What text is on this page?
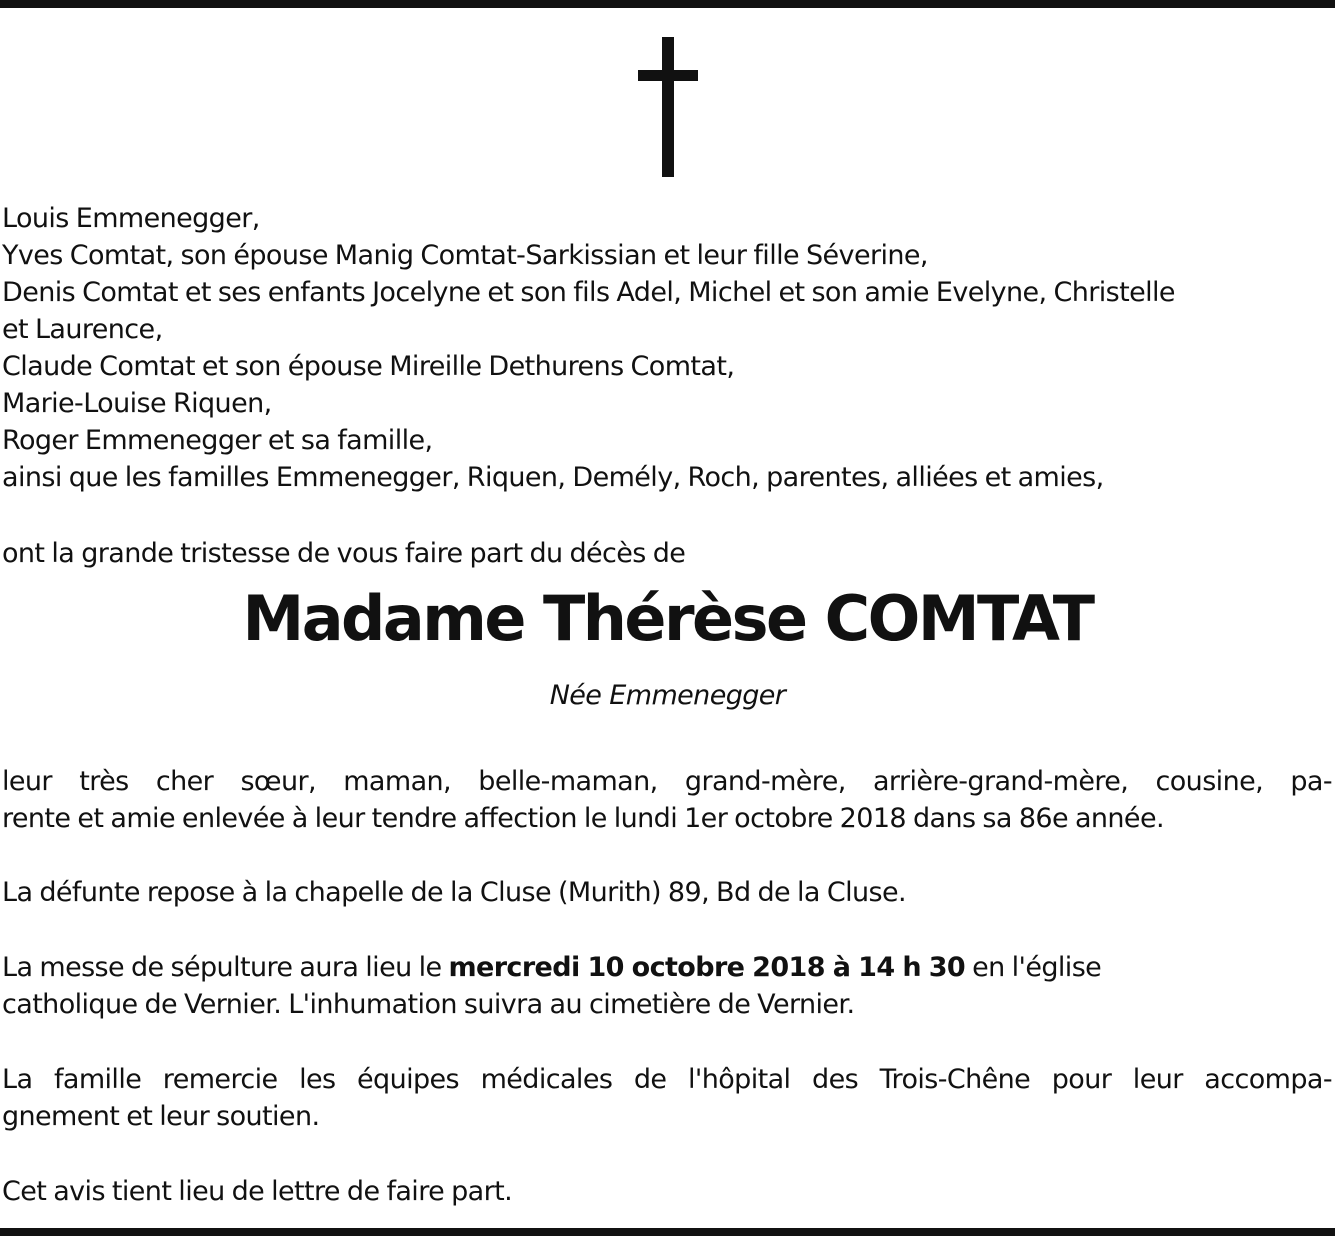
Louis Emmenegger,
Yves Comtat, son épouse Manig Comtat-Sarkissian et leur fille Séverine,
Denis Comtat et ses enfants Jocelyne et son fils Adel, Michel et son amie Evelyne, Christelle
et Laurence,
Claude Comtat et son épouse Mireille Dethurens Comtat,
Marie-Louise Riquen,
Roger Emmenegger et sa famille,
ainsi que les familles Emmenegger, Riquen, Demély, Roch, parentes, alliées et amies,
ont la grande tristesse de vous faire part du décès de
Madame Thérèse COMTAT
Née Emmenegger
leur très cher sœur, maman, belle-maman, grand-mère, arrière-grand-mère, cousine, pa-
rente et amie enlevée à leur tendre affection le lundi 1er octobre 2018 dans sa 86e année.
La défunte repose à la chapelle de la Cluse (Murith) 89, Bd de la Cluse.
La messe de sépulture aura lieu le mercredi 10 octobre 2018 à 14 h 30 en l'église
catholique de Vernier. L'inhumation suivra au cimetière de Vernier.
La famille remercie les équipes médicales de l'hôpital des Trois-Chêne pour leur accompa-
gnement et leur soutien.
Cet avis tient lieu de lettre de faire part.
